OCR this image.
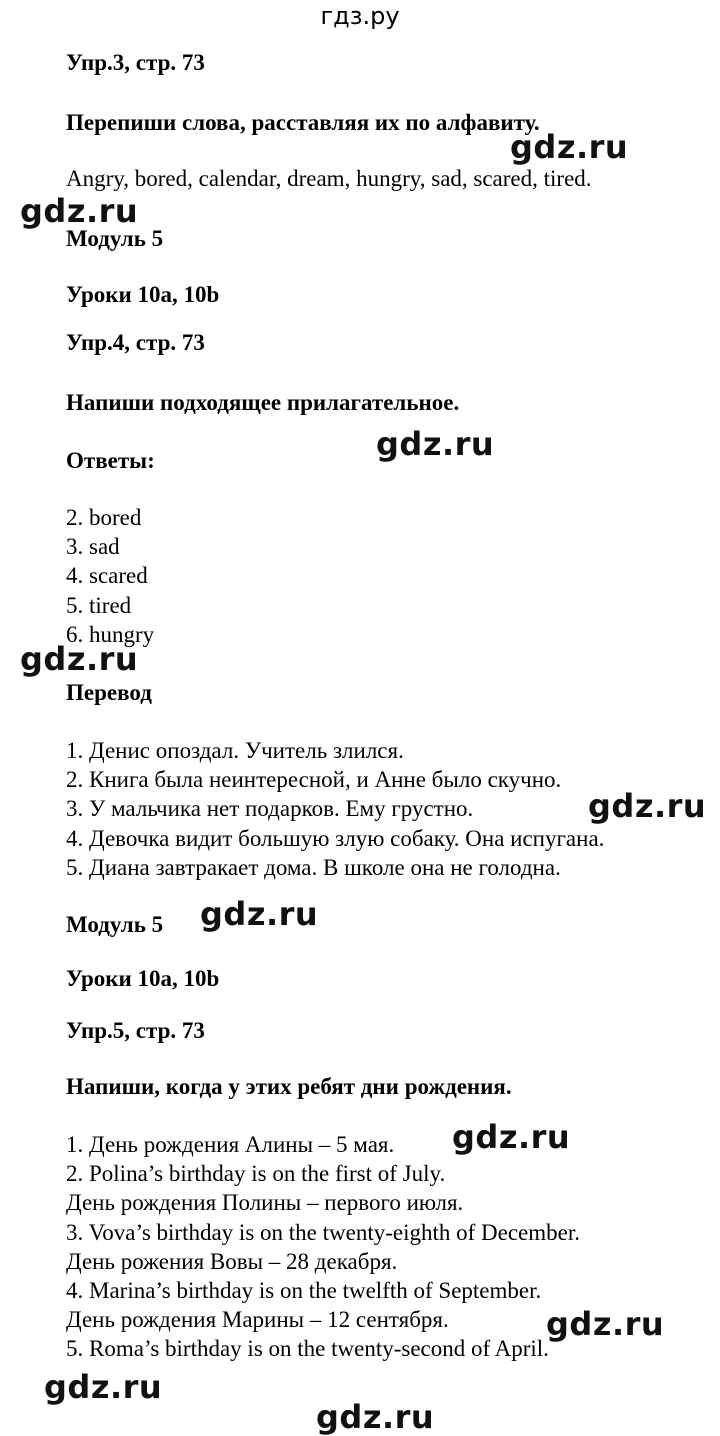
гдз.ру
Упр.3, стр. 73
Перепиши слова, расставляя их по алфавиту.
Angry, bored, calendar, dream, hungry, sad, scared, tired.
Модуль 5
Уроки 10a, 10b
Упр.4, стр. 73
Напиши подходящее прилагательное.
Ответы:
2. bored
3. sad
4. scared
5. tired
6. hungry
Перевод
1. Денис опоздал. Учитель злился.
2. Книга была неинтересной, и Анне было скучно.
3. У мальчика нет подарков. Ему грустно.
4. Девочка видит большую злую собаку. Она испугана.
5. Диана завтракает дома. В школе она не голодна.
Модуль 5
Уроки 10a, 10b
Упр.5, стр. 73
Напиши, когда у этих ребят дни рождения.
1. День рождения Алины – 5 мая.
2. Polina’s birthday is on the first of July.
День рождения Полины – первого июля.
3. Vova’s birthday is on the twenty-eighth of December.
День рожения Вовы – 28 декабря.
4. Marina’s birthday is on the twelfth of September.
День рождения Марины – 12 сентября.
5. Roma’s birthday is on the twenty-second of April.
gdz.ru
gdz.ru
gdz.ru
gdz.ru
gdz.ru
gdz.ru
gdz.ru
gdz.ru
gdz.ru
gdz.ru
